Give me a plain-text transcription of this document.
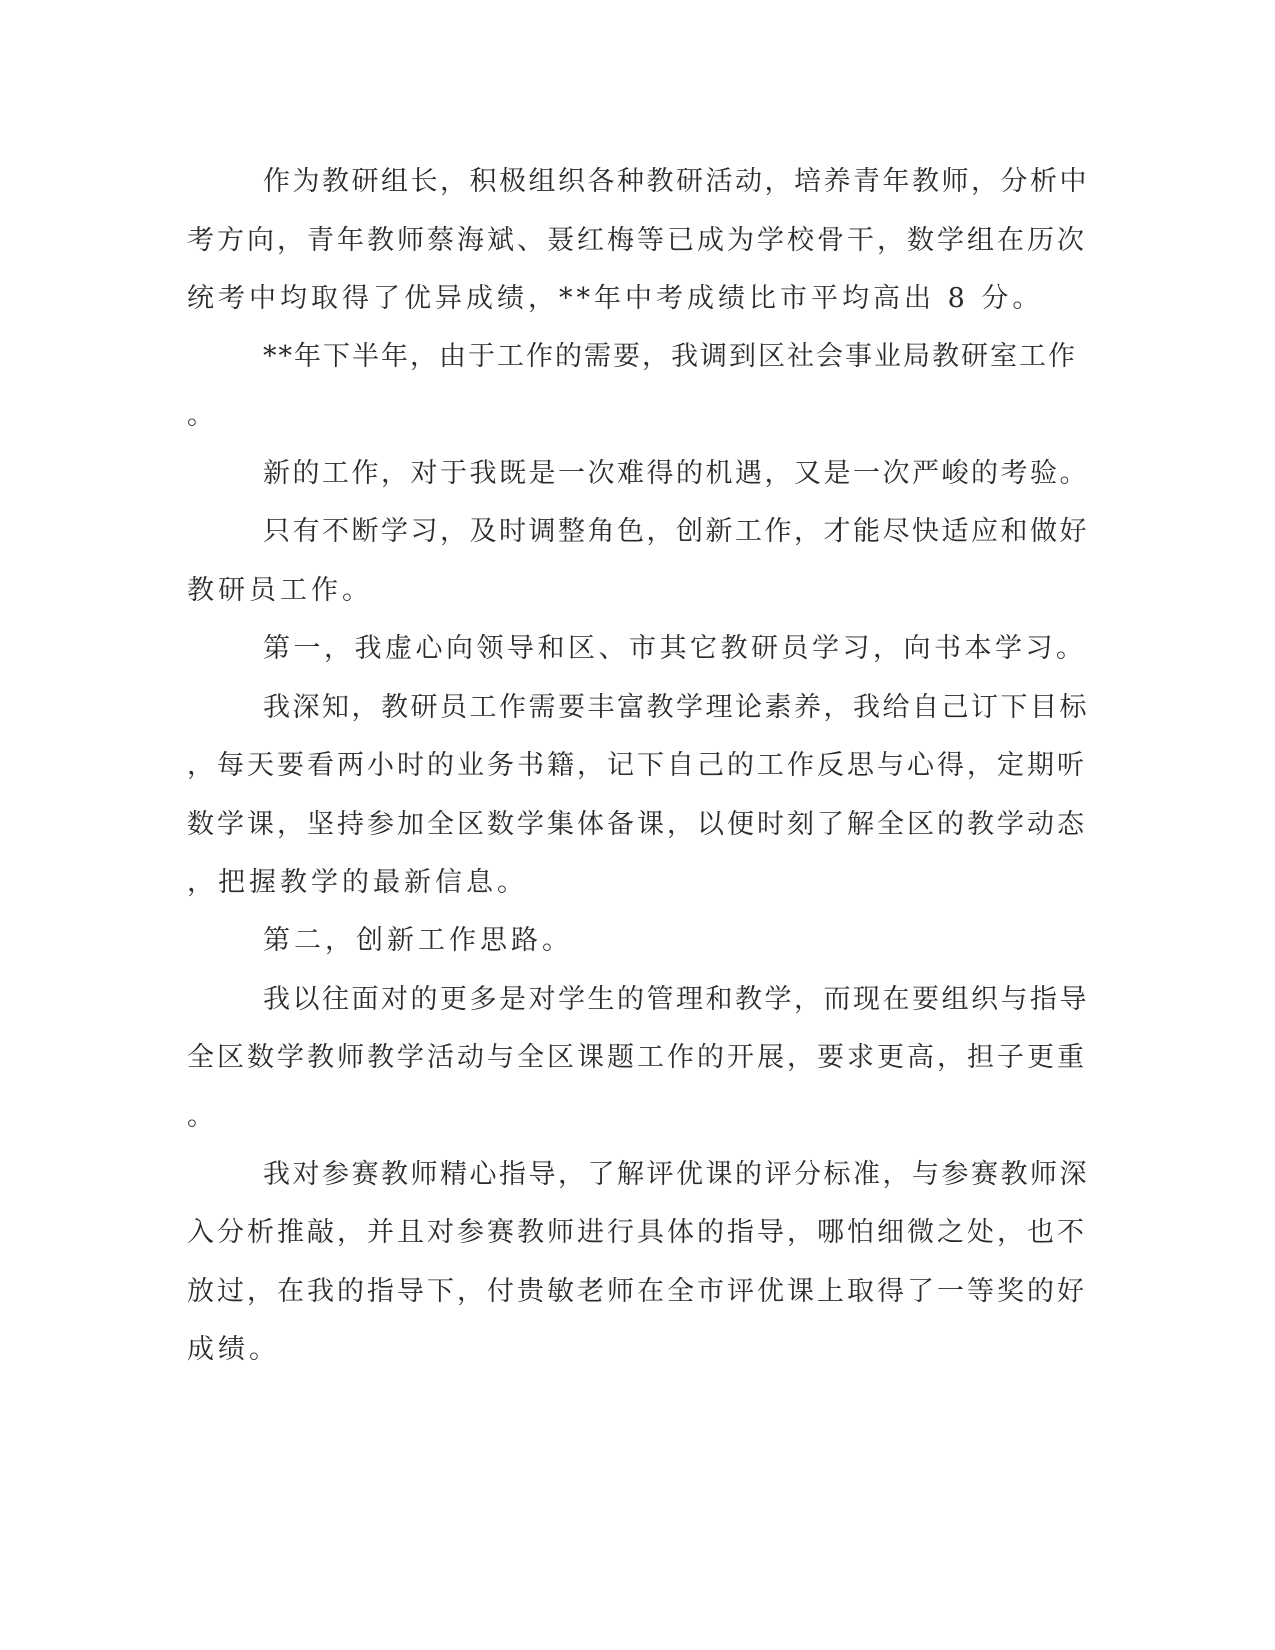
作为教研组长，积极组织各种教研活动，培养青年教师，分析中
考方向，青年教师蔡海斌、聂红梅等已成为学校骨干，数学组在历次
统考中均取得了优异成绩，**年中考成绩比市平均高出 8 分。
**年下半年，由于工作的需要，我调到区社会事业局教研室工作
。
新的工作，对于我既是一次难得的机遇，又是一次严峻的考验。
只有不断学习，及时调整角色，创新工作，才能尽快适应和做好
教研员工作。
第一，我虚心向领导和区、市其它教研员学习，向书本学习。
我深知，教研员工作需要丰富教学理论素养，我给自己订下目标
，每天要看两小时的业务书籍，记下自己的工作反思与心得，定期听
数学课，坚持参加全区数学集体备课，以便时刻了解全区的教学动态
，把握教学的最新信息。
第二，创新工作思路。
我以往面对的更多是对学生的管理和教学，而现在要组织与指导
全区数学教师教学活动与全区课题工作的开展，要求更高，担子更重
。
我对参赛教师精心指导，了解评优课的评分标准，与参赛教师深
入分析推敲，并且对参赛教师进行具体的指导，哪怕细微之处，也不
放过，在我的指导下，付贵敏老师在全市评优课上取得了一等奖的好
成绩。
